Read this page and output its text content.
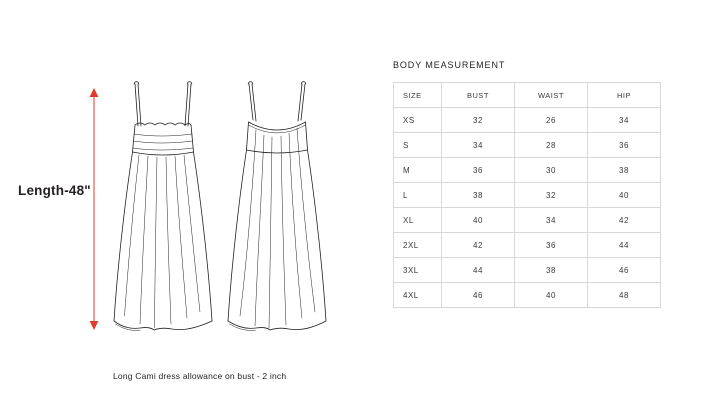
Length-48"
Long Cami dress allowance on bust - 2 inch
BODY MEASUREMENT
SIZE	BUST	WAIST	HIP
XS	32	26	34
S	34	28	36
M	36	30	38
L	38	32	40
XL	40	34	42
2XL	42	36	44
3XL	44	38	46
4XL	46	40	48
